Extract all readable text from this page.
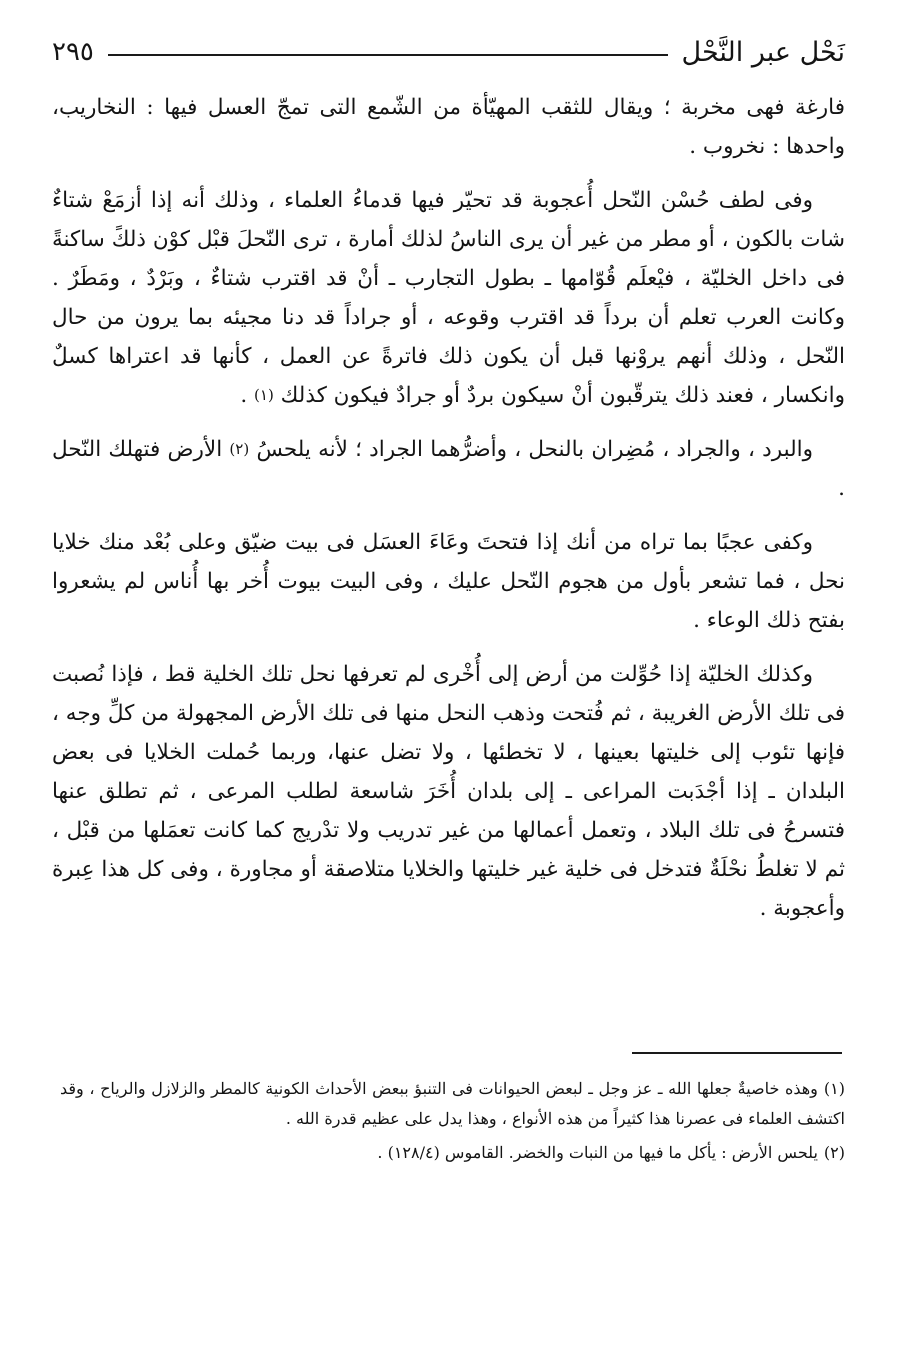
نَحْل عبر النَّحْل
٢٩٥

فارغة فهى مخربة ؛ ويقال للثقب المهيّأة من الشّمع التى تمجّ العسل فيها : النخاريب، واحدها : نخروب .

وفى لطف حُسْن النّحل أُعجوبة قد تحيّر فيها قدماءُ العلماء ، وذلك أنه إذا أزمَعْ شتاءٌ شات بالكون ، أو مطر من غير أن يرى الناسُ لذلك أمارة ، ترى النّحلَ قبْل كوْن ذلكً ساكنةً فى داخل الخليّة ، فيْعلَم قُوّامها ـ بطول التجارب ـ أنْ قد اقترب شتاءٌ ، وبَرْدٌ ، ومَطَرٌ . وكانت العرب تعلم أن برداً قد اقترب وقوعه ، أو جراداً قد دنا مجيئه بما يرون من حال النّحل ، وذلك أنهم يروْنها قبل أن يكون ذلك فاترةً عن العمل ، كأنها قد اعتراها كسلٌ وانكسار ، فعند ذلك يترقّبون أنْ سيكون بردٌ أو جرادٌ فيكون كذلك (١) .

والبرد ، والجراد ، مُضِران بالنحل ، وأضرُّهما الجراد ؛ لأنه يلحسُ (٢) الأرض فتهلك النّحل .

وكفى عجبًا بما تراه من أنك إذا فتحتَ وعَاءَ العسَل فى بيت ضيّق وعلى بُعْد منك خلايا نحل ، فما تشعر بأول من هجوم النّحل عليك ، وفى البيت بيوت أُخر بها أُناس لم يشعروا بفتح ذلك الوعاء .

وكذلك الخليّة إذا حُوِّلت من أرض إلى أُخْرى لم تعرفها نحل تلك الخلية قط ، فإذا نُصبت فى تلك الأرض الغريبة ، ثم فُتحت وذهب النحل منها فى تلك الأرض المجهولة من كلِّ وجه ، فإنها تئوب إلى خليتها بعينها ، لا تخطئها ، ولا تضل عنها، وربما حُملت الخلايا فى بعض البلدان ـ إذا أجْدَبت المراعى ـ إلى بلدان أُخَرَ شاسعة لطلب المرعى ، ثم تطلق عنها فتسرحُ فى تلك البلاد ، وتعمل أعمالها من غير تدريب ولا تدْريج كما كانت تعمَلها من قبْل ، ثم لا تغلطُ نحْلَةٌ فتدخل فى خلية غير خليتها والخلايا متلاصقة أو مجاورة ، وفى كل هذا عِبرة وأعجوبة .

(١)وهذه خاصيةٌ جعلها الله ـ عز وجل ـ لبعض الحيوانات فى التنبؤ ببعض الأحداث الكونية كالمطر والزلازل والرياح ، وقد اكتشف العلماء فى عصرنا هذا كثيراً من هذه الأنواع ، وهذا يدل على عظيم قدرة الله .
(٢)يلحس الأرض : يأكل ما فيها من النبات والخضر. القاموس (١٢٨/٤) .
